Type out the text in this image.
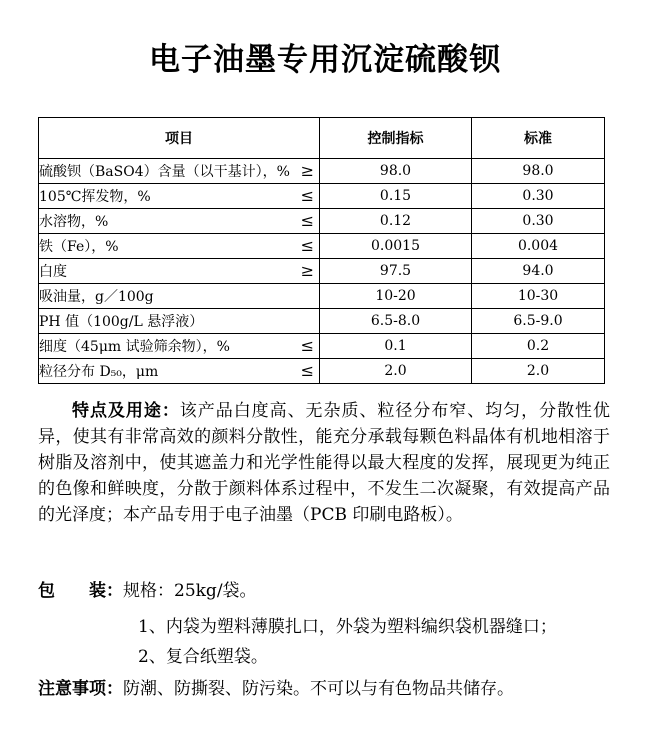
电子油墨专用沉淀硫酸钡
项目	控制指标	标准
硫酸钡（BaSO4）含量（以干基计），% ≥	98.0	98.0
105℃挥发物，% ≤	0.15	0.30
水溶物，% ≤	0.12	0.30
铁（Fe），% ≤	0.0015	0.004
白度 ≥	97.5	94.0
吸油量，g／100g	10-20	10-30
PH 值（100g/L 悬浮液）	6.5-8.0	6.5-9.0
细度（45μm 试验筛余物），% ≤	0.1	0.2
粒径分布 D₅₀，μm ≤	2.0	2.0
特点及用途：该产品白度高、无杂质、粒径分布窄、均匀，分散性优异，使其有非常高效的颜料分散性，能充分承载每颗色料晶体有机地相溶于树脂及溶剂中，使其遮盖力和光学性能得以最大程度的发挥，展现更为纯正的色像和鲜映度，分散于颜料体系过程中，不发生二次凝聚，有效提高产品的光泽度；本产品专用于电子油墨（PCB 印刷电路板）。
包　　装：规格：25kg/袋。
1、内袋为塑料薄膜扎口，外袋为塑料编织袋机器缝口；
2、复合纸塑袋。
注意事项：防潮、防撕裂、防污染。不可以与有色物品共储存。
